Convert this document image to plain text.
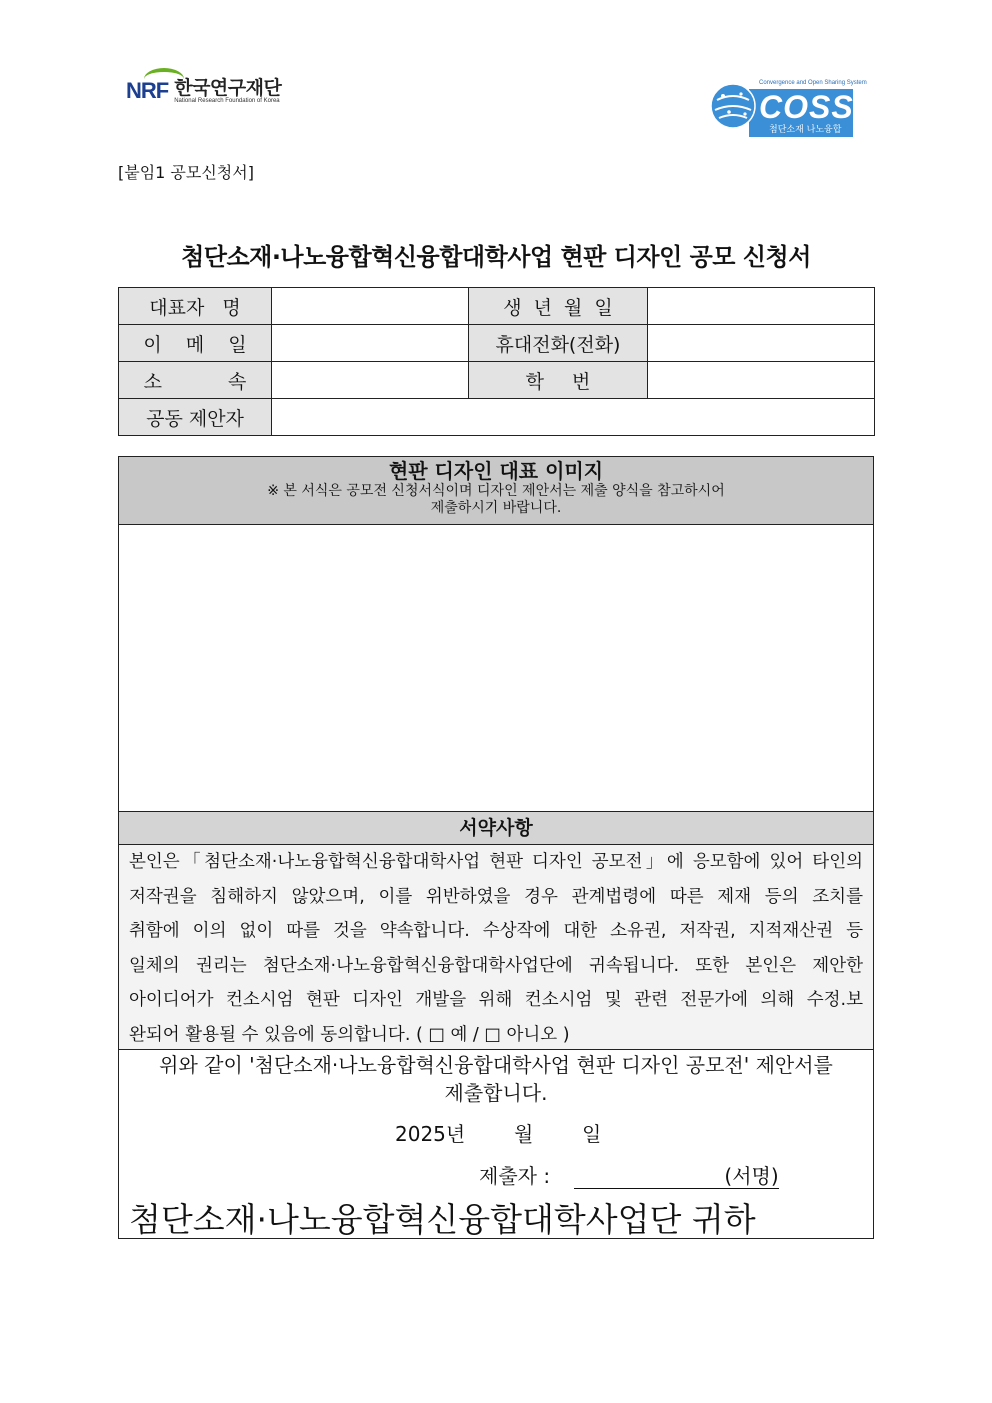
NRF 한국연구재단
National Research Foundation of Korea
Convergence and Open Sharing System
COSS
첨단소재 나노융합
[붙임1 공모신청서]
첨단소재·나노융합혁신융합대학사업 현판 디자인 공모 신청서
대표자 명		생 년 월 일	
이 메 일		휴대전화(전화)	
소 속		학 번	
공동 제안자			
현판 디자인 대표 이미지
※ 본 서식은 공모전 신청서식이며 디자인 제안서는 제출 양식을 참고하시어
제출하시기 바랍니다.
서약사항
본인은「첨단소재·나노융합혁신융합대학사업 현판 디자인 공모전」에 응모함에 있어 타인의
저작권을 침해하지 않았으며, 이를 위반하였을 경우 관계법령에 따른 제재 등의 조치를
취함에 이의 없이 따를 것을 약속합니다. 수상작에 대한 소유권, 저작권, 지적재산권 등
일체의 권리는 첨단소재·나노융합혁신융합대학사업단에 귀속됩니다. 또한 본인은 제안한
아이디어가 컨소시엄 현판 디자인 개발을 위해 컨소시엄 및 관련 전문가에 의해 수정.보
완되어 활용될 수 있음에 동의합니다. ( □ 예 / □ 아니오 )
위와 같이 '첨단소재·나노융합혁신융합대학사업 현판 디자인 공모전' 제안서를
제출합니다.
2025년 월 일
제출자 :	(서명)
첨단소재·나노융합혁신융합대학사업단 귀하
